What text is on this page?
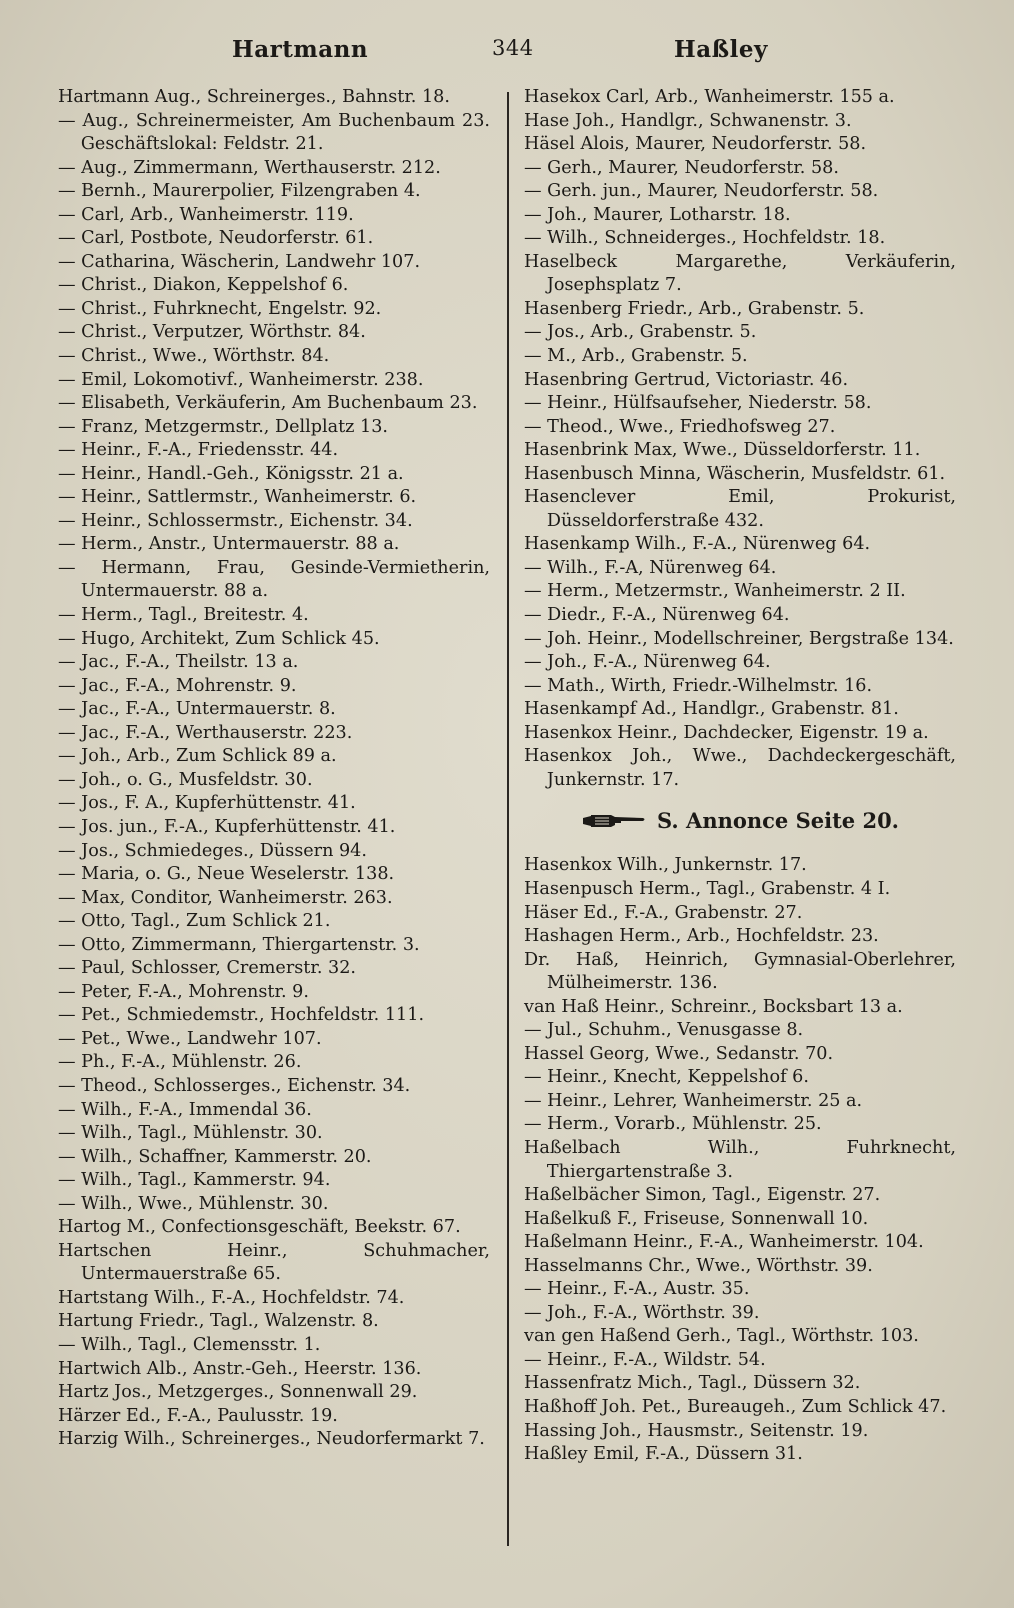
Hartmann	344	Haßley

Hartmann Aug., Schreinerges., Bahnstr. 18.

— Aug., Schreinermeister, Am Buchenbaum 23. Geschäftslokal: Feldstr. 21.

— Aug., Zimmermann, Werthauserstr. 212.

— Bernh., Maurerpolier, Filzengraben 4.

— Carl, Arb., Wanheimerstr. 119.

— Carl, Postbote, Neudorferstr. 61.

— Catharina, Wäscherin, Landwehr 107.

— Christ., Diakon, Keppelshof 6.

— Christ., Fuhrknecht, Engelstr. 92.

— Christ., Verputzer, Wörthstr. 84.

— Christ., Wwe., Wörthstr. 84.

— Emil, Lokomotivf., Wanheimerstr. 238.

— Elisabeth, Verkäuferin, Am Buchenbaum 23.

— Franz, Metzgermstr., Dellplatz 13.

— Heinr., F.-A., Friedensstr. 44.

— Heinr., Handl.-Geh., Königsstr. 21 a.

— Heinr., Sattlermstr., Wanheimerstr. 6.

— Heinr., Schlossermstr., Eichenstr. 34.

— Herm., Anstr., Untermauerstr. 88 a.

— Hermann, Frau, Gesinde-Vermietherin, Untermauerstr. 88 a.

— Herm., Tagl., Breitestr. 4.

— Hugo, Architekt, Zum Schlick 45.

— Jac., F.-A., Theilstr. 13 a.

— Jac., F.-A., Mohrenstr. 9.

— Jac., F.-A., Untermauerstr. 8.

— Jac., F.-A., Werthauserstr. 223.

— Joh., Arb., Zum Schlick 89 a.

— Joh., o. G., Musfeldstr. 30.

— Jos., F. A., Kupferhüttenstr. 41.

— Jos. jun., F.-A., Kupferhüttenstr. 41.

— Jos., Schmiedeges., Düssern 94.

— Maria, o. G., Neue Weselerstr. 138.

— Max, Conditor, Wanheimerstr. 263.

— Otto, Tagl., Zum Schlick 21.

— Otto, Zimmermann, Thiergartenstr. 3.

— Paul, Schlosser, Cremerstr. 32.

— Peter, F.-A., Mohrenstr. 9.

— Pet., Schmiedemstr., Hochfeldstr. 111.

— Pet., Wwe., Landwehr 107.

— Ph., F.-A., Mühlenstr. 26.

— Theod., Schlosserges., Eichenstr. 34.

— Wilh., F.-A., Immendal 36.

— Wilh., Tagl., Mühlenstr. 30.

— Wilh., Schaffner, Kammerstr. 20.

— Wilh., Tagl., Kammerstr. 94.

— Wilh., Wwe., Mühlenstr. 30.

Hartog M., Confectionsgeschäft, Beekstr. 67.

Hartschen Heinr., Schuhmacher, Untermauerstraße 65.

Hartstang Wilh., F.-A., Hochfeldstr. 74.

Hartung Friedr., Tagl., Walzenstr. 8.

— Wilh., Tagl., Clemensstr. 1.

Hartwich Alb., Anstr.-Geh., Heerstr. 136.

Hartz Jos., Metzgerges., Sonnenwall 29.

Härzer Ed., F.-A., Paulusstr. 19.

Harzig Wilh., Schreinerges., Neudorfermarkt 7.

Hasekox Carl, Arb., Wanheimerstr. 155 a.

Hase Joh., Handlgr., Schwanenstr. 3.

Häsel Alois, Maurer, Neudorferstr. 58.

— Gerh., Maurer, Neudorferstr. 58.

— Gerh. jun., Maurer, Neudorferstr. 58.

— Joh., Maurer, Lotharstr. 18.

— Wilh., Schneiderges., Hochfeldstr. 18.

Haselbeck Margarethe, Verkäuferin, Josephsplatz 7.

Hasenberg Friedr., Arb., Grabenstr. 5.

— Jos., Arb., Grabenstr. 5.

— M., Arb., Grabenstr. 5.

Hasenbring Gertrud, Victoriastr. 46.

— Heinr., Hülfsaufseher, Niederstr. 58.

— Theod., Wwe., Friedhofsweg 27.

Hasenbrink Max, Wwe., Düsseldorferstr. 11.

Hasenbusch Minna, Wäscherin, Musfeldstr. 61.

Hasenclever Emil, Prokurist, Düsseldorferstraße 432.

Hasenkamp Wilh., F.-A., Nürenweg 64.

— Wilh., F.-A, Nürenweg 64.

— Herm., Metzermstr., Wanheimerstr. 2 II.

— Diedr., F.-A., Nürenweg 64.

— Joh. Heinr., Modellschreiner, Bergstraße 134.

— Joh., F.-A., Nürenweg 64.

— Math., Wirth, Friedr.-Wilhelmstr. 16.

Hasenkampf Ad., Handlgr., Grabenstr. 81.

Hasenkox Heinr., Dachdecker, Eigenstr. 19 a.

Hasenkox Joh., Wwe., Dachdeckergeschäft, Junkernstr. 17.

S. Annonce Seite 20.

Hasenkox Wilh., Junkernstr. 17.

Hasenpusch Herm., Tagl., Grabenstr. 4 I.

Häser Ed., F.-A., Grabenstr. 27.

Hashagen Herm., Arb., Hochfeldstr. 23.

Dr. Haß, Heinrich, Gymnasial-Oberlehrer, Mülheimerstr. 136.

van Haß Heinr., Schreinr., Bocksbart 13 a.

— Jul., Schuhm., Venusgasse 8.

Hassel Georg, Wwe., Sedanstr. 70.

— Heinr., Knecht, Keppelshof 6.

— Heinr., Lehrer, Wanheimerstr. 25 a.

— Herm., Vorarb., Mühlenstr. 25.

Haßelbach Wilh., Fuhrknecht, Thiergartenstraße 3.

Haßelbächer Simon, Tagl., Eigenstr. 27.

Haßelkuß F., Friseuse, Sonnenwall 10.

Haßelmann Heinr., F.-A., Wanheimerstr. 104.

Hasselmanns Chr., Wwe., Wörthstr. 39.

— Heinr., F.-A., Austr. 35.

— Joh., F.-A., Wörthstr. 39.

van gen Haßend Gerh., Tagl., Wörthstr. 103.

— Heinr., F.-A., Wildstr. 54.

Hassenfratz Mich., Tagl., Düssern 32.

Haßhoff Joh. Pet., Bureaugeh., Zum Schlick 47.

Hassing Joh., Hausmstr., Seitenstr. 19.

Haßley Emil, F.-A., Düssern 31.
